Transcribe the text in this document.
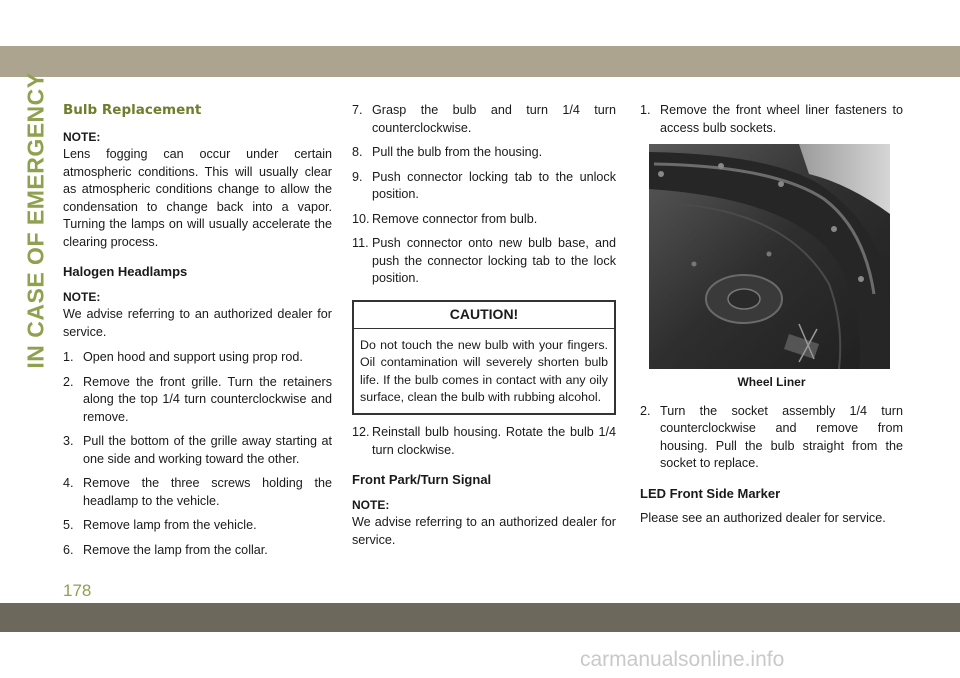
IN CASE OF EMERGENCY Bulb Replacement
NOTE:
Lens fogging can occur under certain atmospheric conditions. This will usually clear as atmospheric conditions change to allow the condensation to change back into a vapor. Turning the lamps on will usually accelerate the clearing process.
Halogen Headlamps
NOTE:
We advise referring to an authorized dealer for service.
1. Open hood and support using prop rod.
2. Remove the front grille. Turn the retainers along the top 1/4 turn counterclockwise and remove.
3. Pull the bottom of the grille away starting at one side and working toward the other.
4. Remove the three screws holding the headlamp to the vehicle.
5. Remove lamp from the vehicle.
6. Remove the lamp from the collar.
7. Grasp the bulb and turn 1/4 turn counterclockwise.
8. Pull the bulb from the housing.
9. Push connector locking tab to the unlock position.
10. Remove connector from bulb.
11. Push connector onto new bulb base, and push the connector locking tab to the lock position.
CAUTION!
Do not touch the new bulb with your fingers. Oil contamination will severely shorten bulb life. If the bulb comes in contact with any oily surface, clean the bulb with rubbing alcohol.
12. Reinstall bulb housing. Rotate the bulb 1/4 turn clockwise.
Front Park/Turn Signal
NOTE:
We advise referring to an authorized dealer for service.
1. Remove the front wheel liner fasteners to access bulb sockets.
Wheel Liner
2. Turn the socket assembly 1/4 turn counterclockwise and remove from housing. Pull the bulb straight from the socket to replace.
LED Front Side Marker
Please see an authorized dealer for service.
178
carmanualsonline.info
